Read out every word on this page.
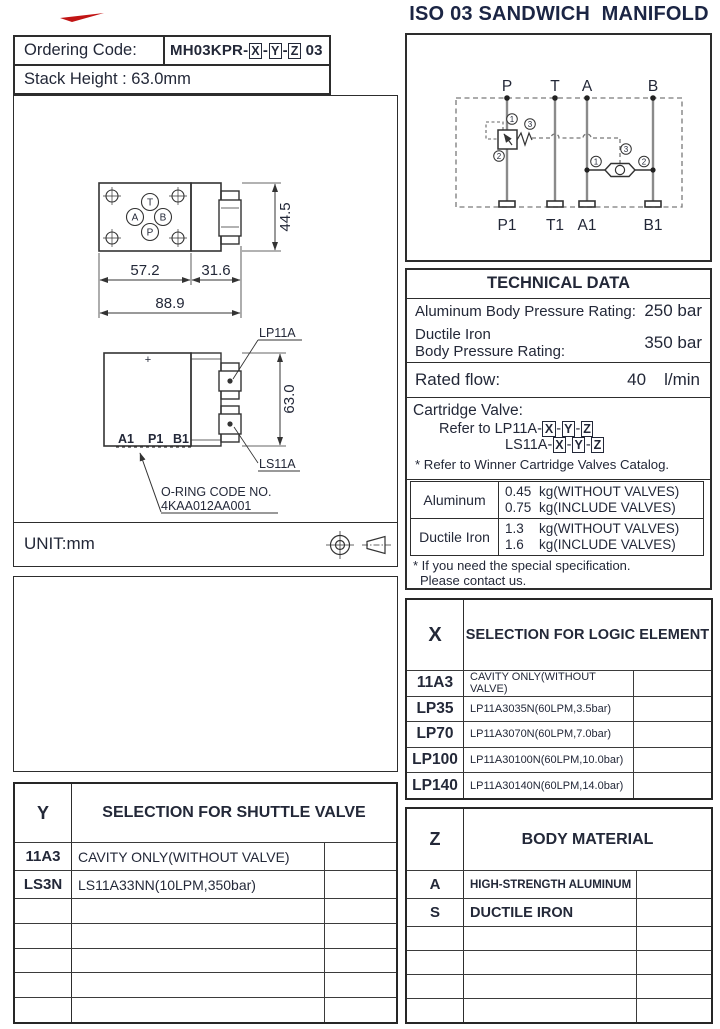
Ordering Code:	MH03KPR- X - Y - Z 03
Stack Height : 63.0mm
T
A B
P
44.5
57.2	31.6
88.9
+
63.0
LP11A
LS11A
A1 P1 B1
O-RING CODE NO.
4KAA012AA001
UNIT:mm
Y	SELECTION FOR SHUTTLE VALVE
11A3	CAVITY ONLY(WITHOUT VALVE)
LS3N	LS11A33NN(10LPM,350bar)
ISO 03 SANDWICH  MANIFOLD
P T A	B
1
3
2
1	2
3
P1 T1 A1	B1
TECHNICAL DATA
Aluminum Body Pressure Rating: 250 bar
Ductile Iron
Body Pressure Rating:	350 bar
Rated flow:	40 l/min
Cartridge Valve:
Refer to LP11A- X - Y - Z
LS11A- X - Y - Z
* Refer to Winner Cartridge Valves Catalog.
Aluminum
0.45 kg(WITHOUT VALVES)
0.75 kg(INCLUDE VALVES)
Ductile Iron
1.3 kg(WITHOUT VALVES)
1.6 kg(INCLUDE VALVES)
* If you need the special specification.
Please contact us.
X	SELECTION FOR LOGIC ELEMENT
11A3	CAVITY ONLY(WITHOUT VALVE)
LP35	LP11A3035N(60LPM,3.5bar)
LP70	LP11A3070N(60LPM,7.0bar)
LP100	LP11A30100N(60LPM,10.0bar)
LP140	LP11A30140N(60LPM,14.0bar)
Z	BODY MATERIAL
A	HIGH-STRENGTH ALUMINUM
S	DUCTILE IRON
